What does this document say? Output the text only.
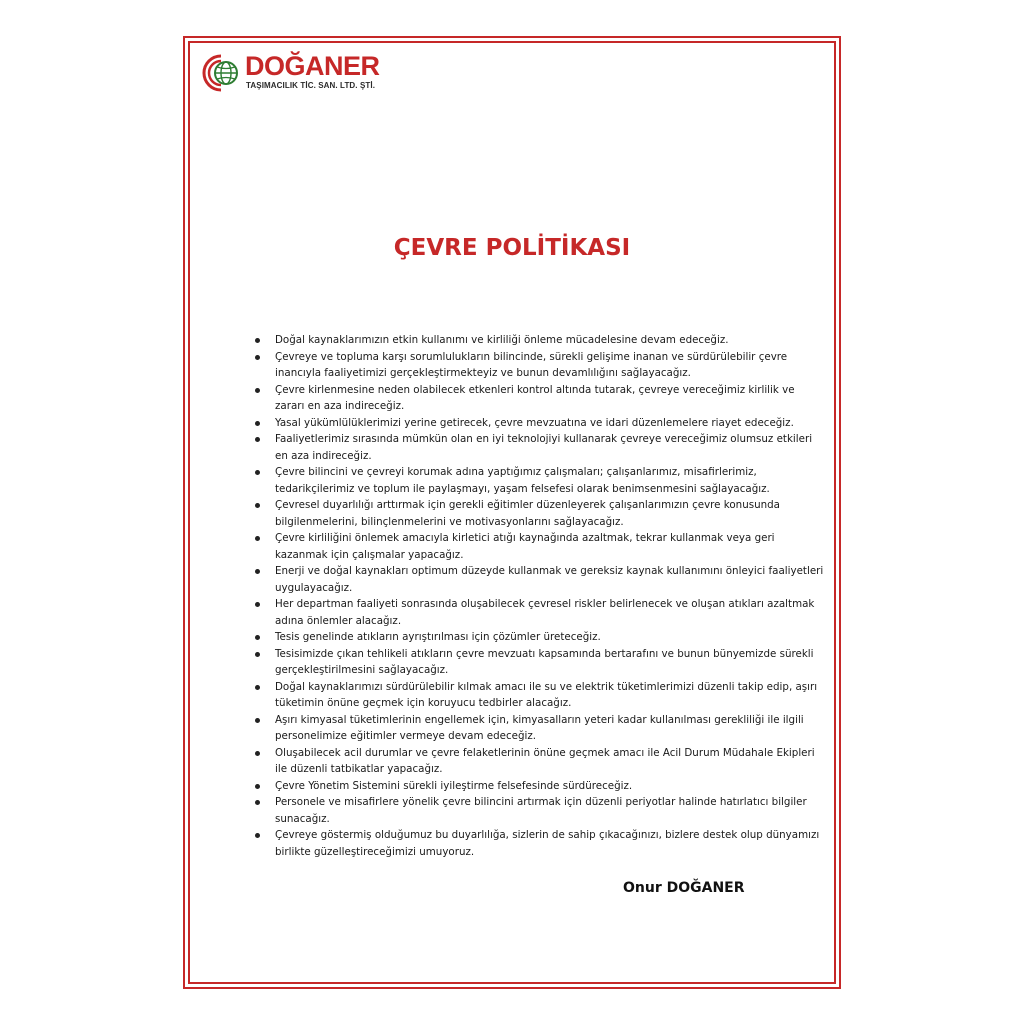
DOĞANER
TAŞIMACILIK TİC. SAN. LTD. ŞTİ.
ÇEVRE POLİTİKASI
Doğal kaynaklarımızın etkin kullanımı ve kirliliği önleme mücadelesine devam edeceğiz.
Çevreye ve topluma karşı sorumlulukların bilincinde, sürekli gelişime inanan ve sürdürülebilir çevre inancıyla faaliyetimizi gerçekleştirmekteyiz ve bunun devamlılığını sağlayacağız.
Çevre kirlenmesine neden olabilecek etkenleri kontrol altında tutarak, çevreye vereceğimiz kirlilik ve zararı en aza indireceğiz.
Yasal yükümlülüklerimizi yerine getirecek, çevre mevzuatına ve idari düzenlemelere riayet edeceğiz.
Faaliyetlerimiz sırasında mümkün olan en iyi teknolojiyi kullanarak çevreye vereceğimiz olumsuz etkileri en aza indireceğiz.
Çevre bilincini ve çevreyi korumak adına yaptığımız çalışmaları; çalışanlarımız, misafirlerimiz, tedarikçilerimiz ve toplum ile paylaşmayı, yaşam felsefesi olarak benimsenmesini sağlayacağız.
Çevresel duyarlılığı arttırmak için gerekli eğitimler düzenleyerek çalışanlarımızın çevre konusunda bilgilenmelerini, bilinçlenmelerini ve motivasyonlarını sağlayacağız.
Çevre kirliliğini önlemek amacıyla kirletici atığı kaynağında azaltmak, tekrar kullanmak veya geri kazanmak için çalışmalar yapacağız.
Enerji ve doğal kaynakları optimum düzeyde kullanmak ve gereksiz kaynak kullanımını önleyici faaliyetleri uygulayacağız.
Her departman faaliyeti sonrasında oluşabilecek çevresel riskler belirlenecek ve oluşan atıkları azaltmak adına önlemler alacağız.
Tesis genelinde atıkların ayrıştırılması için çözümler üreteceğiz.
Tesisimizde çıkan tehlikeli atıkların çevre mevzuatı kapsamında bertarafını ve bunun bünyemizde sürekli gerçekleştirilmesini sağlayacağız.
Doğal kaynaklarımızı sürdürülebilir kılmak amacı ile su ve elektrik tüketimlerimizi düzenli takip edip, aşırı tüketimin önüne geçmek için koruyucu tedbirler alacağız.
Aşırı kimyasal tüketimlerinin engellemek için, kimyasalların yeteri kadar kullanılması gerekliliği ile ilgili personelimize eğitimler vermeye devam edeceğiz.
Oluşabilecek acil durumlar ve çevre felaketlerinin önüne geçmek amacı ile Acil Durum Müdahale Ekipleri ile düzenli tatbikatlar yapacağız.
Çevre Yönetim Sistemini sürekli iyileştirme felsefesinde sürdüreceğiz.
Personele ve misafirlere yönelik çevre bilincini artırmak için düzenli periyotlar halinde hatırlatıcı bilgiler sunacağız.
Çevreye göstermiş olduğumuz bu duyarlılığa, sizlerin de sahip çıkacağınızı, bizlere destek olup dünyamızı birlikte güzelleştireceğimizi umuyoruz.
Onur DOĞANER
